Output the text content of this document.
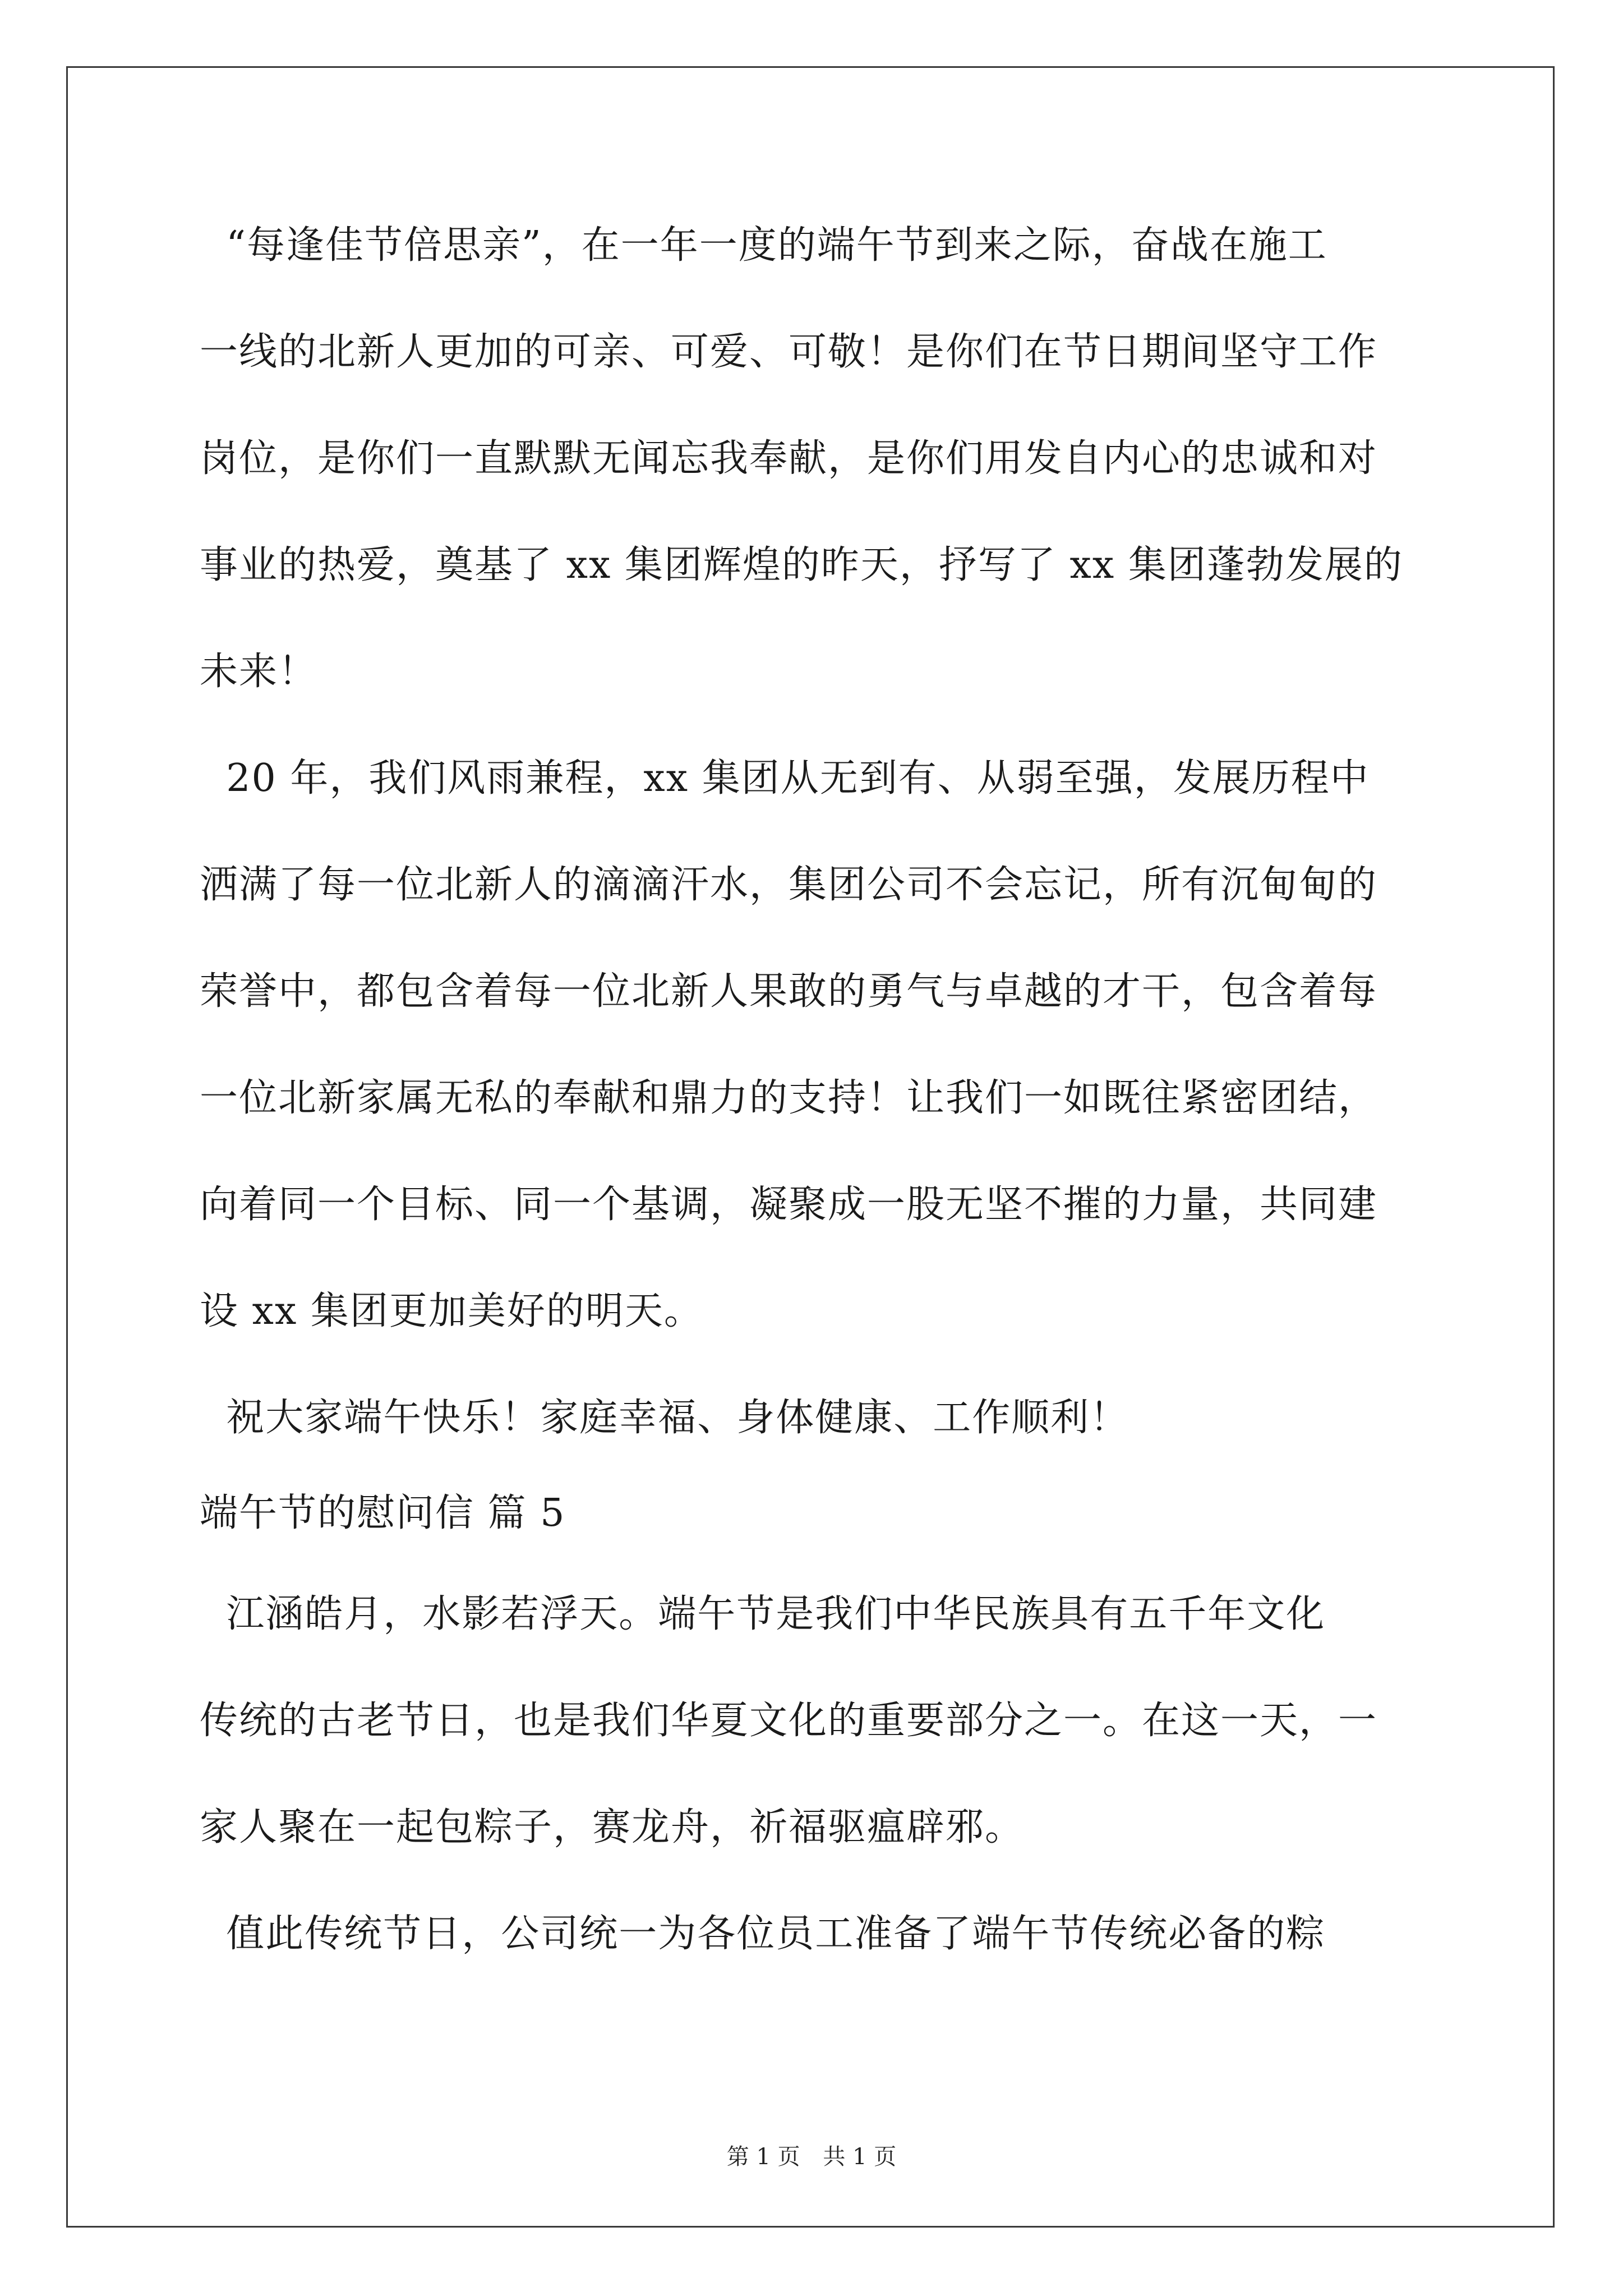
“每逢佳节倍思亲”，在一年一度的端午节到来之际，奋战在施工
一线的北新人更加的可亲、可爱、可敬！是你们在节日期间坚守工作
岗位，是你们一直默默无闻忘我奉献，是你们用发自内心的忠诚和对
事业的热爱，奠基了 xx 集团辉煌的昨天，抒写了 xx 集团蓬勃发展的
未来！
20 年，我们风雨兼程，xx 集团从无到有、从弱至强，发展历程中
洒满了每一位北新人的滴滴汗水，集团公司不会忘记，所有沉甸甸的
荣誉中，都包含着每一位北新人果敢的勇气与卓越的才干，包含着每
一位北新家属无私的奉献和鼎力的支持！让我们一如既往紧密团结，
向着同一个目标、同一个基调，凝聚成一股无坚不摧的力量，共同建
设 xx 集团更加美好的明天。
祝大家端午快乐！家庭幸福、身体健康、工作顺利！
端午节的慰问信 篇 5
江涵皓月，水影若浮天。端午节是我们中华民族具有五千年文化
传统的古老节日，也是我们华夏文化的重要部分之一。在这一天，一
家人聚在一起包粽子，赛龙舟，祈福驱瘟辟邪。
值此传统节日，公司统一为各位员工准备了端午节传统必备的粽
第 1 页 共 1 页
